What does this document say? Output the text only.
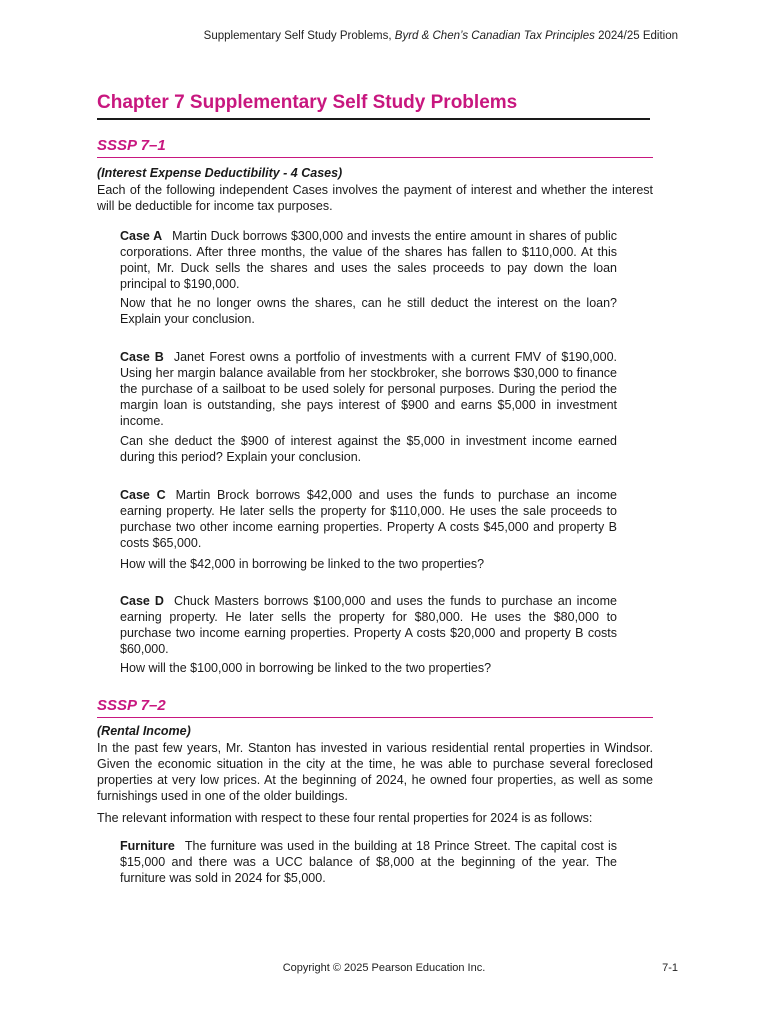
Supplementary Self Study Problems, Byrd & Chen’s Canadian Tax Principles 2024/25 Edition
Chapter 7 Supplementary Self Study Problems
SSSP 7–1
(Interest Expense Deductibility - 4 Cases)
Each of the following independent Cases involves the payment of interest and whether the interest will be deductible for income tax purposes.
Case A Martin Duck borrows $300,000 and invests the entire amount in shares of public corporations. After three months, the value of the shares has fallen to $110,000. At this point, Mr. Duck sells the shares and uses the sales proceeds to pay down the loan principal to $190,000.
Now that he no longer owns the shares, can he still deduct the interest on the loan? Explain your conclusion.
Case B Janet Forest owns a portfolio of investments with a current FMV of $190,000. Using her margin balance available from her stockbroker, she borrows $30,000 to finance the purchase of a sailboat to be used solely for personal purposes. During the period the margin loan is outstanding, she pays interest of $900 and earns $5,000 in investment income.
Can she deduct the $900 of interest against the $5,000 in investment income earned during this period? Explain your conclusion.
Case C Martin Brock borrows $42,000 and uses the funds to purchase an income earning property. He later sells the property for $110,000. He uses the sale proceeds to purchase two other income earning properties. Property A costs $45,000 and property B costs $65,000.
How will the $42,000 in borrowing be linked to the two properties?
Case D Chuck Masters borrows $100,000 and uses the funds to purchase an income earning property. He later sells the property for $80,000. He uses the $80,000 to purchase two income earning properties. Property A costs $20,000 and property B costs $60,000.
How will the $100,000 in borrowing be linked to the two properties?
SSSP 7–2
(Rental Income)
In the past few years, Mr. Stanton has invested in various residential rental properties in Windsor. Given the economic situation in the city at the time, he was able to purchase several foreclosed properties at very low prices. At the beginning of 2024, he owned four properties, as well as some furnishings used in one of the older buildings.
The relevant information with respect to these four rental properties for 2024 is as follows:
Furniture The furniture was used in the building at 18 Prince Street. The capital cost is $15,000 and there was a UCC balance of $8,000 at the beginning of the year. The furniture was sold in 2024 for $5,000.
Copyright © 2025 Pearson Education Inc.	7-1
